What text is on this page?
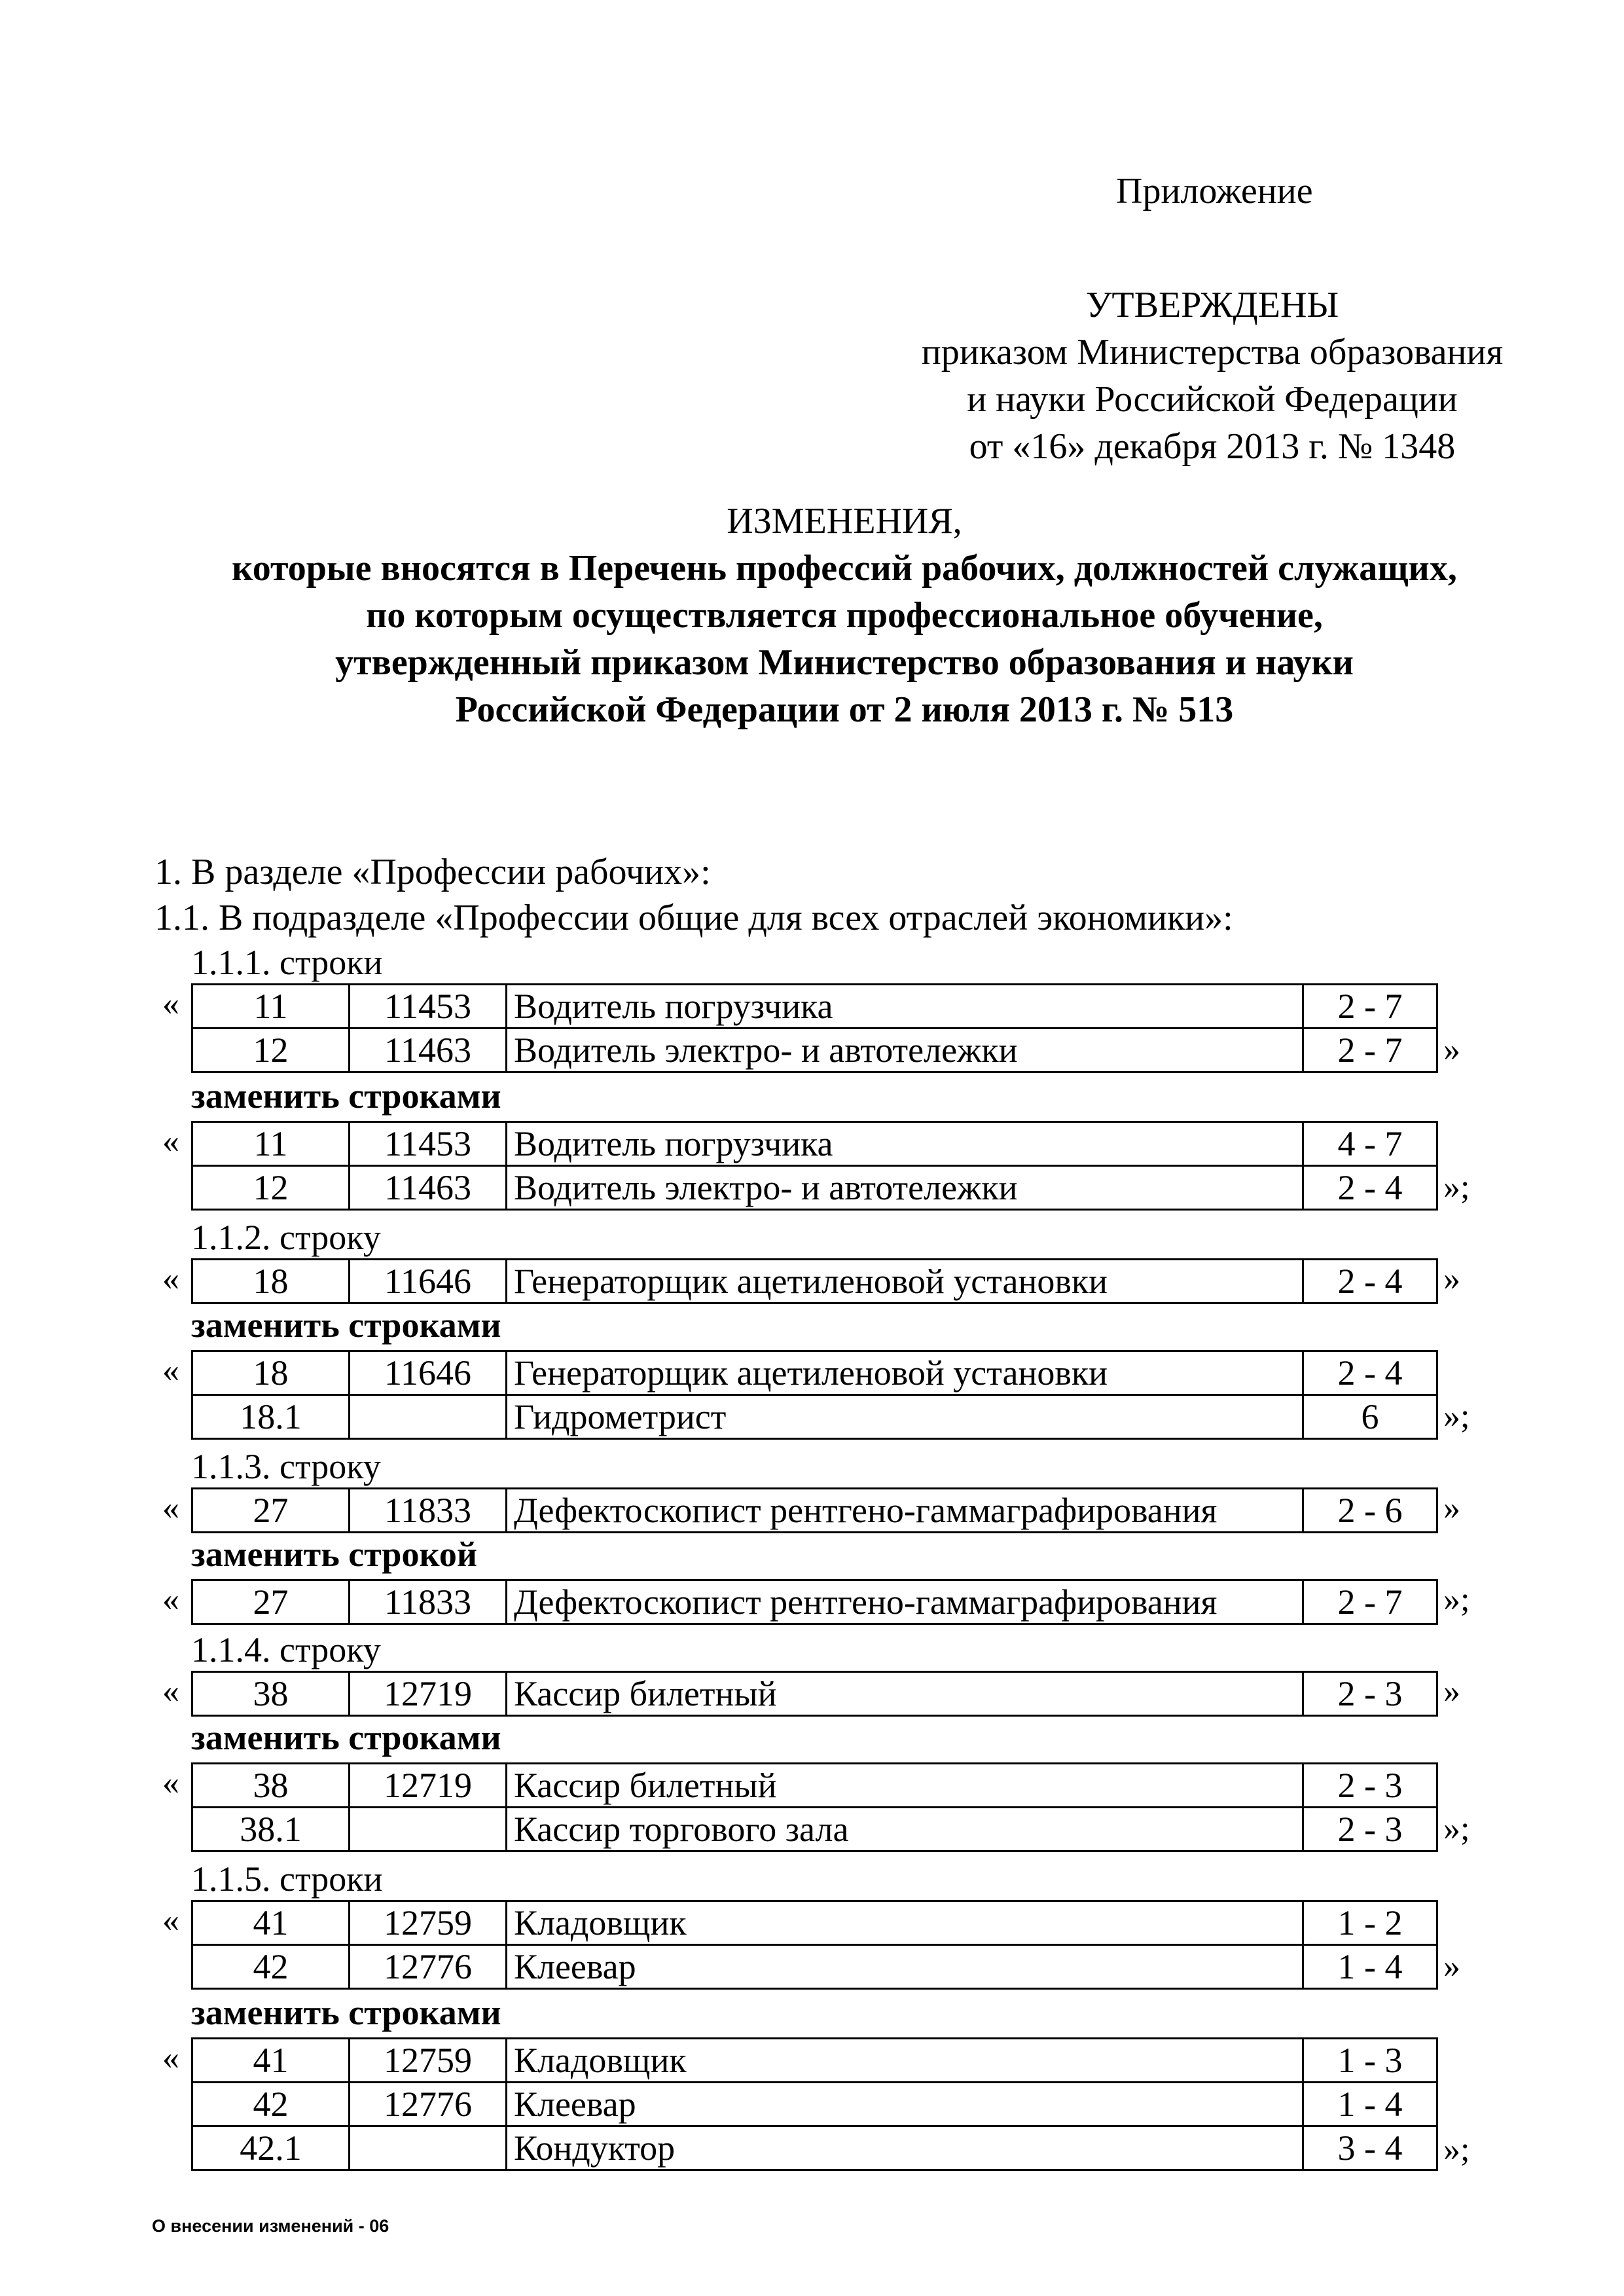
Приложение
УТВЕРЖДЕНЫ
приказом Министерства образования
и науки Российской Федерации
от «16» декабря 2013 г. № 1348
ИЗМЕНЕНИЯ,
которые вносятся в Перечень профессий рабочих, должностей служащих,
по которым осуществляется профессиональное обучение,
утвержденный приказом Министерство образования и науки
Российской Федерации от 2 июля 2013 г. № 513
1. В разделе «Профессии рабочих»:
1.1. В подразделе «Профессии общие для всех отраслей экономики»:
1.1.1. строки
« 11	11453	Водитель погрузчика	2 - 7
12	11463	Водитель электро- и автотележки	2 - 7 »
заменить строками
« 11	11453	Водитель погрузчика	4 - 7
12	11463	Водитель электро- и автотележки	2 - 4 »;
1.1.2. строку
« 18	11646	Генераторщик ацетиленовой установки	2 - 4 »
заменить строками
« 18	11646	Генераторщик ацетиленовой установки	2 - 4
18.1		Гидрометрист	6 »;
1.1.3. строку
« 27	11833	Дефектоскопист рентгено-гаммаграфирования	2 - 6 »
заменить строкой
« 27	11833	Дефектоскопист рентгено-гаммаграфирования	2 - 7 »;
1.1.4. строку
« 38	12719	Кассир билетный	2 - 3 »
заменить строками
« 38	12719	Кассир билетный	2 - 3
38.1		Кассир торгового зала	2 - 3 »;
1.1.5. строки
« 41	12759	Кладовщик	1 - 2
42	12776	Клеевар	1 - 4 »
заменить строками
« 41	12759	Кладовщик	1 - 3
42	12776	Клеевар	1 - 4
42.1		Кондуктор	3 - 4 »;
О внесении изменений - 06
